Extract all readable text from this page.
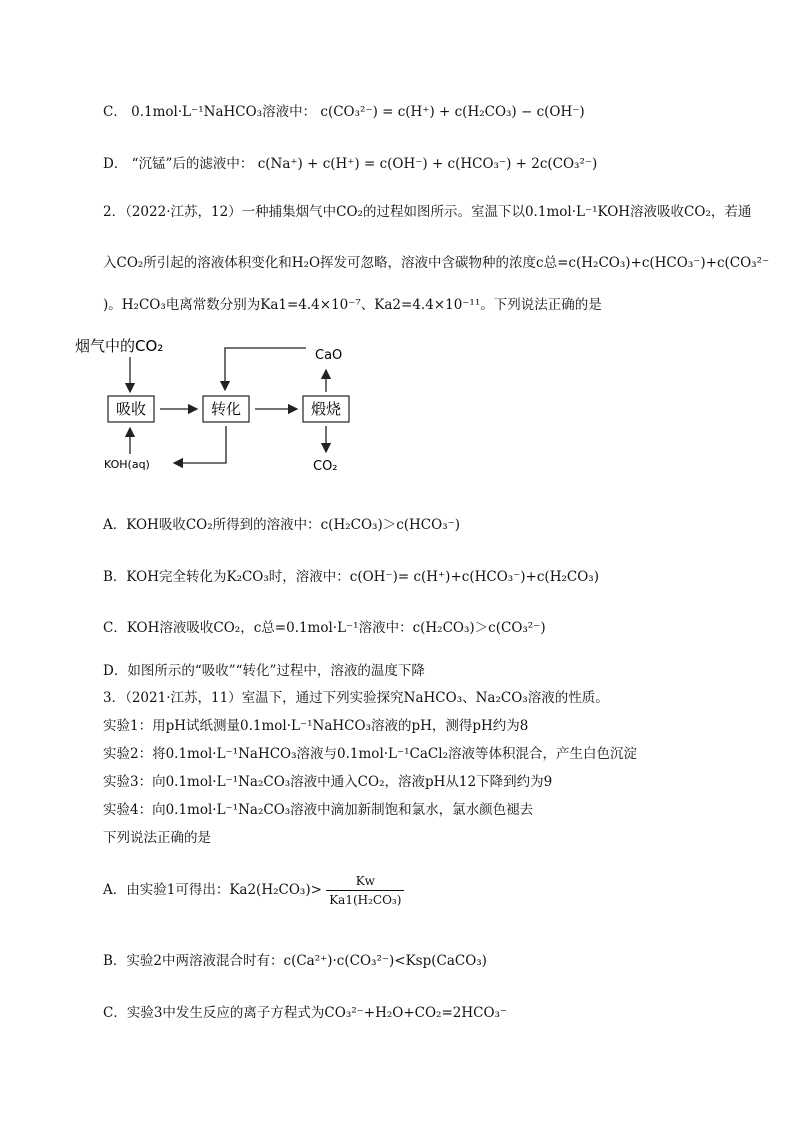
C． 0.1mol·L⁻¹NaHCO₃溶液中： c(CO₃²⁻) = c(H⁺) + c(H₂CO₃) − c(OH⁻)
D． “沉锰”后的滤液中： c(Na⁺) + c(H⁺) = c(OH⁻) + c(HCO₃⁻) + 2c(CO₃²⁻)
2．（2022·江苏，12）一种捕集烟气中CO₂的过程如图所示。室温下以0.1mol·L⁻¹KOH溶液吸收CO₂，若通
入CO₂所引起的溶液体积变化和H₂O挥发可忽略，溶液中含碳物种的浓度c总=c(H₂CO₃)+c(HCO₃⁻)+c(CO₃²⁻
)。H₂CO₃电离常数分别为Ka1=4.4×10⁻⁷、Ka2=4.4×10⁻¹¹。下列说法正确的是
烟气中的CO₂
吸收	转化	煅烧
CaO
CO₂
KOH(aq)
A．KOH吸收CO₂所得到的溶液中：c(H₂CO₃)＞c(HCO₃⁻)
B．KOH完全转化为K₂CO₃时，溶液中：c(OH⁻)= c(H⁺)+c(HCO₃⁻)+c(H₂CO₃)
C．KOH溶液吸收CO₂，c总=0.1mol·L⁻¹溶液中：c(H₂CO₃)＞c(CO₃²⁻)
D．如图所示的“吸收”“转化”过程中，溶液的温度下降
3．（2021·江苏，11）室温下，通过下列实验探究NaHCO₃、Na₂CO₃溶液的性质。
实验1：用pH试纸测量0.1mol·L⁻¹NaHCO₃溶液的pH，测得pH约为8
实验2：将0.1mol·L⁻¹NaHCO₃溶液与0.1mol·L⁻¹CaCl₂溶液等体积混合，产生白色沉淀
实验3：向0.1mol·L⁻¹Na₂CO₃溶液中通入CO₂，溶液pH从12下降到约为9
实验4：向0.1mol·L⁻¹Na₂CO₃溶液中滴加新制饱和氯水，氯水颜色褪去
下列说法正确的是
A．由实验1可得出：$Ka2(H_2CO_3)> \frac{Kw}{\text{Ka1(H₂CO₃)}}$
B．实验2中两溶液混合时有：c(Ca²⁺)·c(CO₃²⁻)<Ksp(CaCO₃)
C．实验3中发生反应的离子方程式为CO₃²⁻+H₂O+CO₂=2HCO₃⁻
